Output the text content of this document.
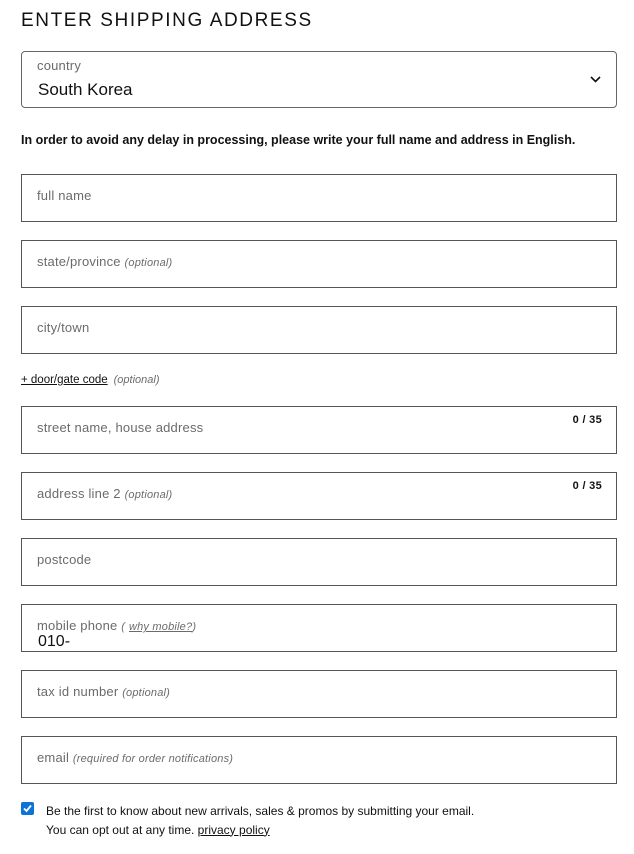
ENTER SHIPPING ADDRESS
country
South Korea

In order to avoid any delay in processing, please write your full name and address in English.

full name
state/province (optional)
city/town
+ door/gate code (optional)
street name, house address	0 / 35
address line 2 (optional)
0 / 35
postcode
mobile phone ( why mobile?)
010-
tax id number (optional)
email (required for order notifications)
Be the first to know about new arrivals, sales & promos by submitting your email. You can opt out at any time. privacy policy
